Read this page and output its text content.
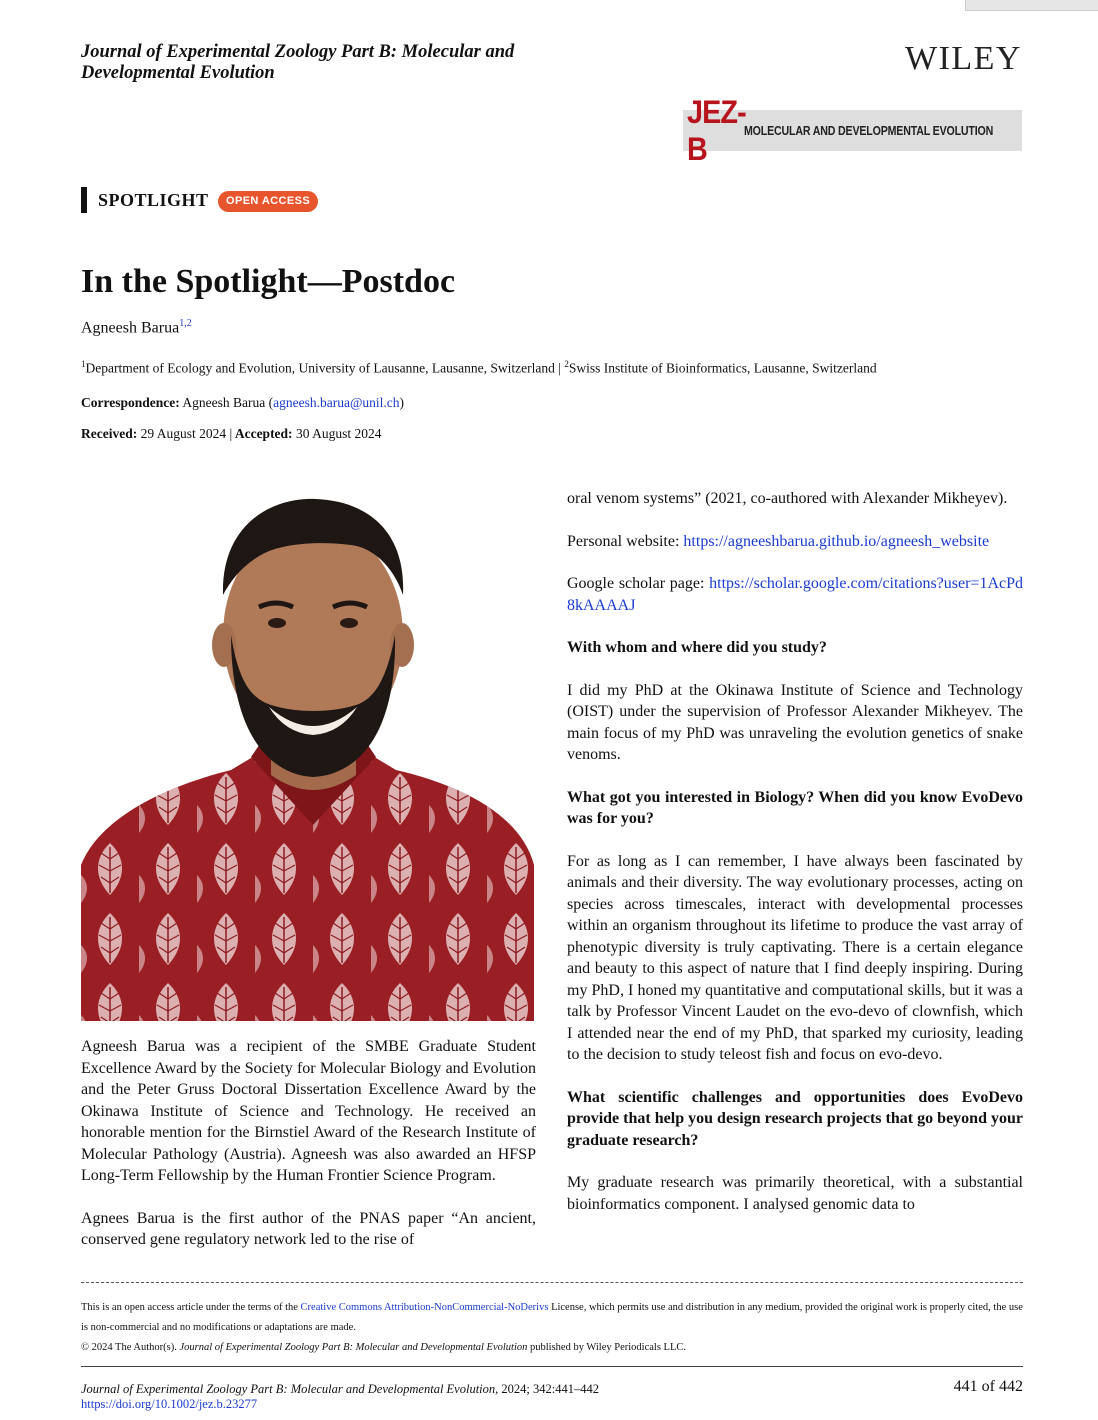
Journal of Experimental Zoology Part B: Molecular and
Developmental Evolution	WILEY
JEZ-B	MOLECULAR AND DEVELOPMENTAL EVOLUTION
SPOTLIGHT	OPEN ACCESS
In the Spotlight—Postdoc
Agneesh Barua$^{1,2}$
$^1$Department of Ecology and Evolution, University of Lausanne, Lausanne, Switzerland | $^2$Swiss Institute of Bioinformatics, Lausanne, Switzerland
Correspondence: Agneesh Barua (agneesh.barua@unil.ch)
Received: 29 August 2024 | Accepted: 30 August 2024

Agneesh Barua was a recipient of the SMBE Graduate Student Excellence Award by the Society for Molecular Biology and Evolution and the Peter Gruss Doctoral Dissertation Excellence Award by the Okinawa Institute of Science and Technology. He received an honorable mention for the Birnstiel Award of the Research Institute of Molecular Pathology (Austria). Agneesh was also awarded an HFSP Long-Term Fellowship by the Human Frontier Science Program.

Agnees Barua is the first author of the PNAS paper “An ancient, conserved gene regulatory network led to the rise of

oral venom systems” (2021, co-authored with Alexander Mikheyev).

Personal website: https://agneeshbarua.github.io/agneesh_website

Google scholar page: https://scholar.google.com/citations?user=1AcPd8kAAAAJ

With whom and where did you study?

I did my PhD at the Okinawa Institute of Science and Technology (OIST) under the supervision of Professor Alexander Mikheyev. The main focus of my PhD was unraveling the evolution genetics of snake venoms.

What got you interested in Biology? When did you know EvoDevo was for you?

For as long as I can remember, I have always been fascinated by animals and their diversity. The way evolutionary processes, acting on species across timescales, interact with developmental processes within an organism throughout its lifetime to produce the vast array of phenotypic diversity is truly captivating. There is a certain elegance and beauty to this aspect of nature that I find deeply inspiring. During my PhD, I honed my quantitative and computational skills, but it was a talk by Professor Vincent Laudet on the evo-devo of clownfish, which I attended near the end of my PhD, that sparked my curiosity, leading to the decision to study teleost fish and focus on evo-devo.

What scientific challenges and opportunities does EvoDevo provide that help you design research projects that go beyond your graduate research?

My graduate research was primarily theoretical, with a substantial bioinformatics component. I analysed genomic data to

This is an open access article under the terms of the Creative Commons Attribution-NonCommercial-NoDerivs License, which permits use and distribution in any medium, provided the original work is properly cited, the use is non-commercial and no modifications or adaptations are made.
© 2024 The Author(s). Journal of Experimental Zoology Part B: Molecular and Developmental Evolution published by Wiley Periodicals LLC.
Journal of Experimental Zoology Part B: Molecular and Developmental Evolution, 2024; 342:441–442
https://doi.org/10.1002/jez.b.23277
441 of 442
